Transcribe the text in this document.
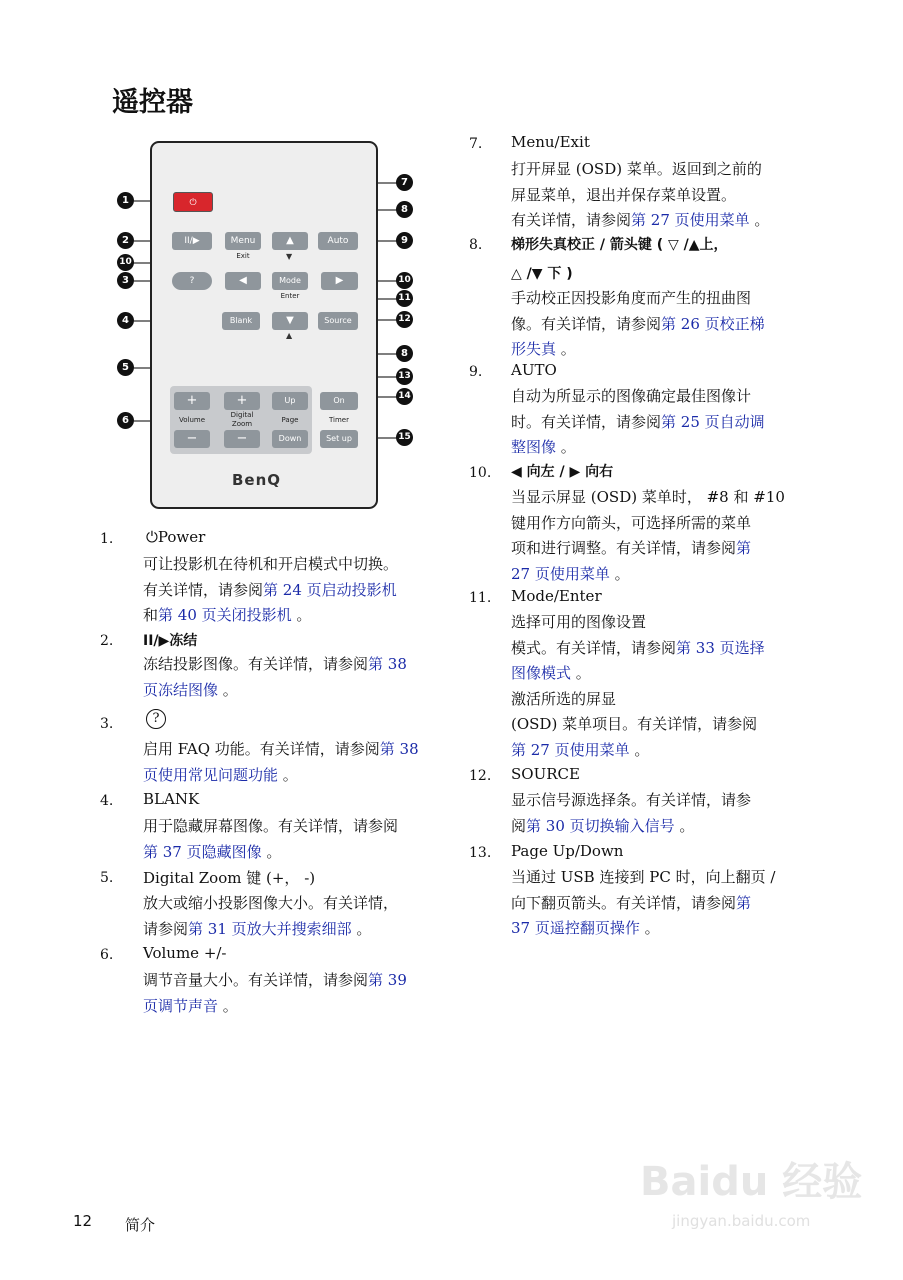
遥控器
⏻
II/▶	Menu
Exit
▲
▼
Auto
?	◀	Mode
Enter
▶
Blank	▼
▲
Source
+	+	Up	On
Volume
Digital
Zoom	Page	Timer
−	−	Down	Set up
BenQ
1
2
3
4
5
6
7
8
9
10
10
11
12
8
13
14
15
1. ⏻Power
可让投影机在待机和开启模式中切换。
有关详情，请参阅第 24 页启动投影机
和第 40 页关闭投影机 。
2. II/▶冻结
冻结投影图像。有关详情，请参阅第 38
页冻结图像 。
3.	?
启用 FAQ 功能。有关详情，请参阅第 38
页使用常见问题功能 。
4. BLANK
用于隐藏屏幕图像。有关详情，请参阅
第 37 页隐藏图像 。
5. Digital Zoom 键 (+， -)
放大或缩小投影图像大小。有关详情，
请参阅第 31 页放大并搜索细部 。
6. Volume +/-
调节音量大小。有关详情，请参阅第 39
页调节声音 。
7. Menu/Exit
打开屏显 (OSD) 菜单。返回到之前的
屏显菜单，退出并保存菜单设置。
有关详情，请参阅第 27 页使用菜单 。
8. 梯形失真校正 / 箭头键 ( ▽ /▲上，
△ /▼ 下 )
手动校正因投影角度而产生的扭曲图
像。有关详情，请参阅第 26 页校正梯
形失真 。
9. AUTO
自动为所显示的图像确定最佳图像计
时。有关详情，请参阅第 25 页自动调
整图像 。
10. ◀ 向左 / ▶ 向右
当显示屏显 (OSD) 菜单时， #8 和 #10
键用作方向箭头，可选择所需的菜单
项和进行调整。有关详情，请参阅第
27 页使用菜单 。
11. Mode/Enter
选择可用的图像设置
模式。有关详情，请参阅第 33 页选择
图像模式 。
激活所选的屏显
(OSD) 菜单项目。有关详情，请参阅
第 27 页使用菜单 。
12. SOURCE
显示信号源选择条。有关详情，请参
阅第 30 页切换输入信号 。
13. Page Up/Down
当通过 USB 连接到 PC 时，向上翻页 /
向下翻页箭头。有关详情，请参阅第
37 页遥控翻页操作 。
12 简介
Baidu 经验
jingyan.baidu.com
